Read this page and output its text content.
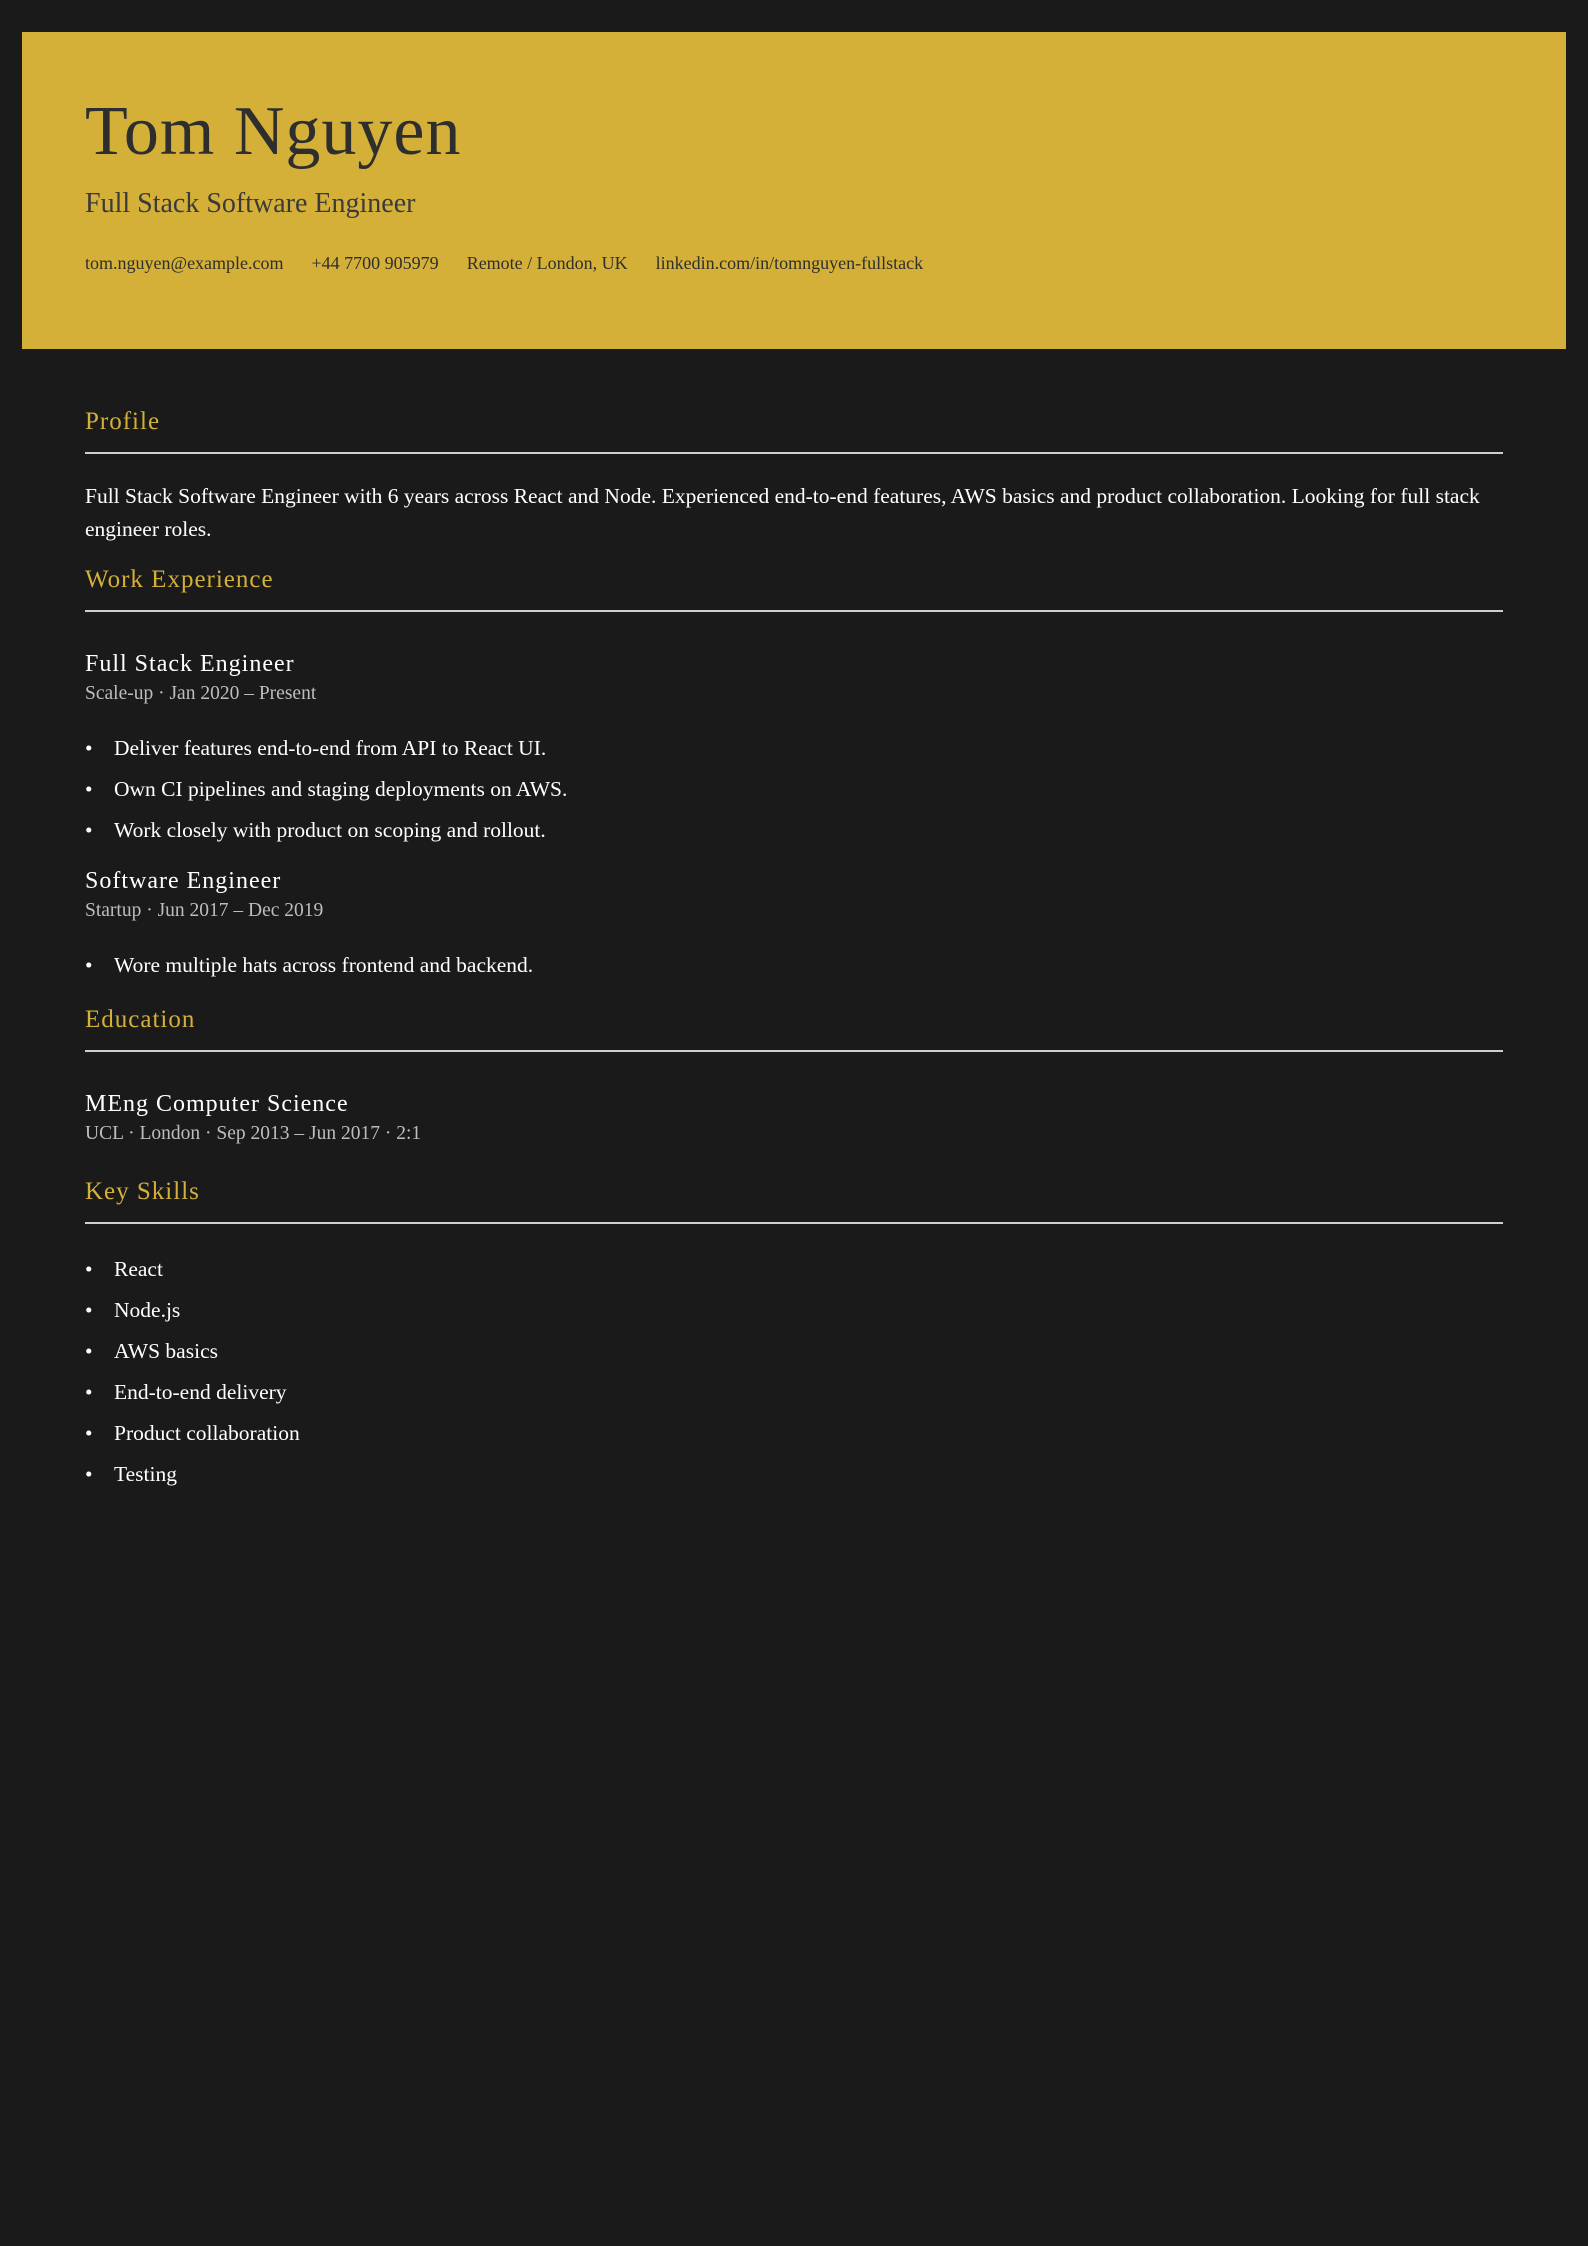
Tom Nguyen
Full Stack Software Engineer
tom.nguyen@example.com +44 7700 905979 Remote / London, UK linkedin.com/in/tomnguyen-fullstack
Profile

Full Stack Software Engineer with 6 years across React and Node. Experienced end-to-end features, AWS basics and product collaboration. Looking for full stack engineer roles.

Work Experience
Full Stack Engineer
Scale-up · Jan 2020 – Present
• Deliver features end-to-end from API to React UI.
• Own CI pipelines and staging deployments on AWS.
• Work closely with product on scoping and rollout.
Software Engineer
Startup · Jun 2017 – Dec 2019
• Wore multiple hats across frontend and backend.
Education
MEng Computer Science
UCL · London · Sep 2013 – Jun 2017 · 2:1
Key Skills
• React
• Node.js
• AWS basics
• End-to-end delivery
• Product collaboration
• Testing
